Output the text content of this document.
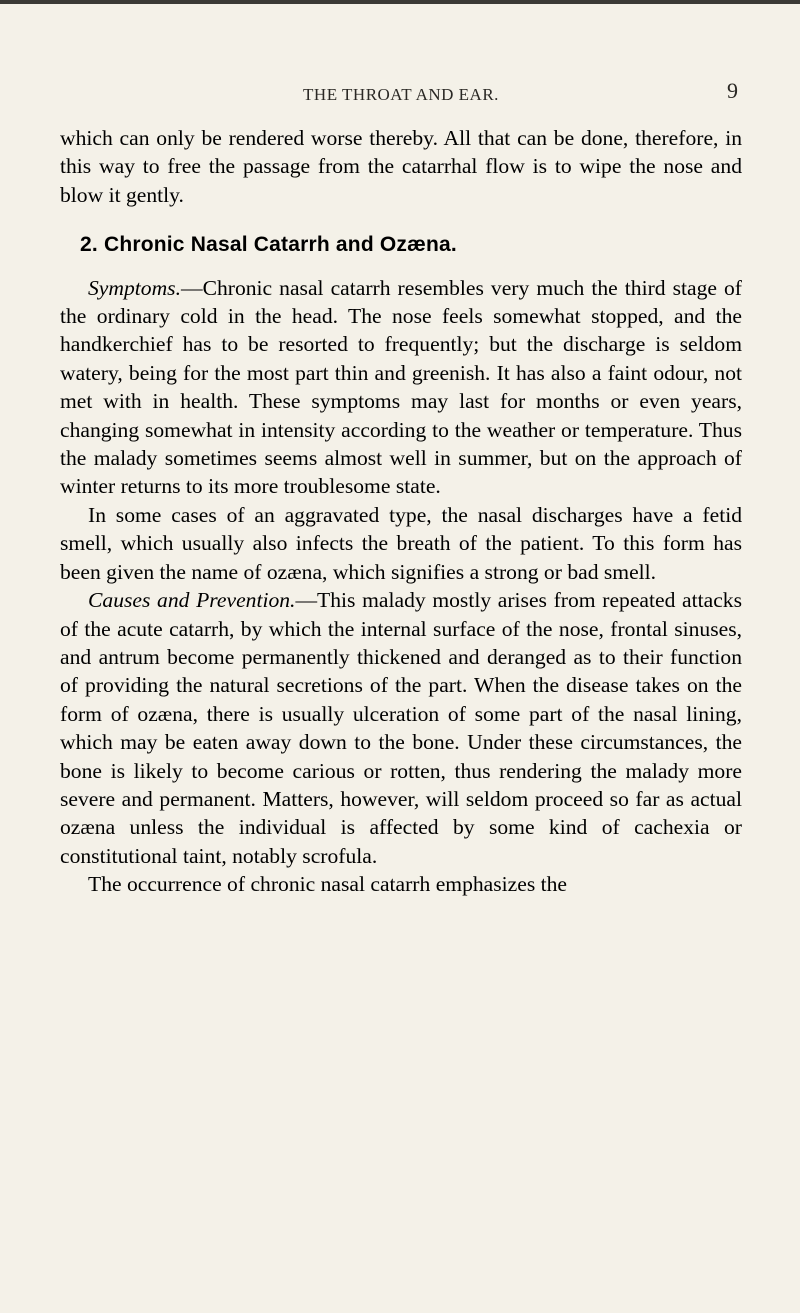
THE THROAT AND EAR.	9

which can only be rendered worse thereby. All that can be done, therefore, in this way to free the passage from the catarrhal flow is to wipe the nose and blow it gently.

2. Chronic Nasal Catarrh and Ozæna.

Symptoms.—Chronic nasal catarrh resembles very much the third stage of the ordinary cold in the head. The nose feels somewhat stopped, and the handkerchief has to be resorted to frequently; but the discharge is seldom watery, being for the most part thin and greenish. It has also a faint odour, not met with in health. These symptoms may last for months or even years, changing somewhat in intensity according to the weather or temperature. Thus the malady sometimes seems almost well in summer, but on the approach of winter returns to its more troublesome state.

In some cases of an aggravated type, the nasal discharges have a fetid smell, which usually also infects the breath of the patient. To this form has been given the name of ozæna, which signifies a strong or bad smell.

Causes and Prevention.—This malady mostly arises from repeated attacks of the acute catarrh, by which the internal surface of the nose, frontal sinuses, and antrum become permanently thickened and deranged as to their function of providing the natural secretions of the part. When the disease takes on the form of ozæna, there is usually ulceration of some part of the nasal lining, which may be eaten away down to the bone. Under these circumstances, the bone is likely to become carious or rotten, thus rendering the malady more severe and permanent. Matters, however, will seldom proceed so far as actual ozæna unless the individual is affected by some kind of cachexia or constitutional taint, notably scrofula.

The occurrence of chronic nasal catarrh emphasizes the
